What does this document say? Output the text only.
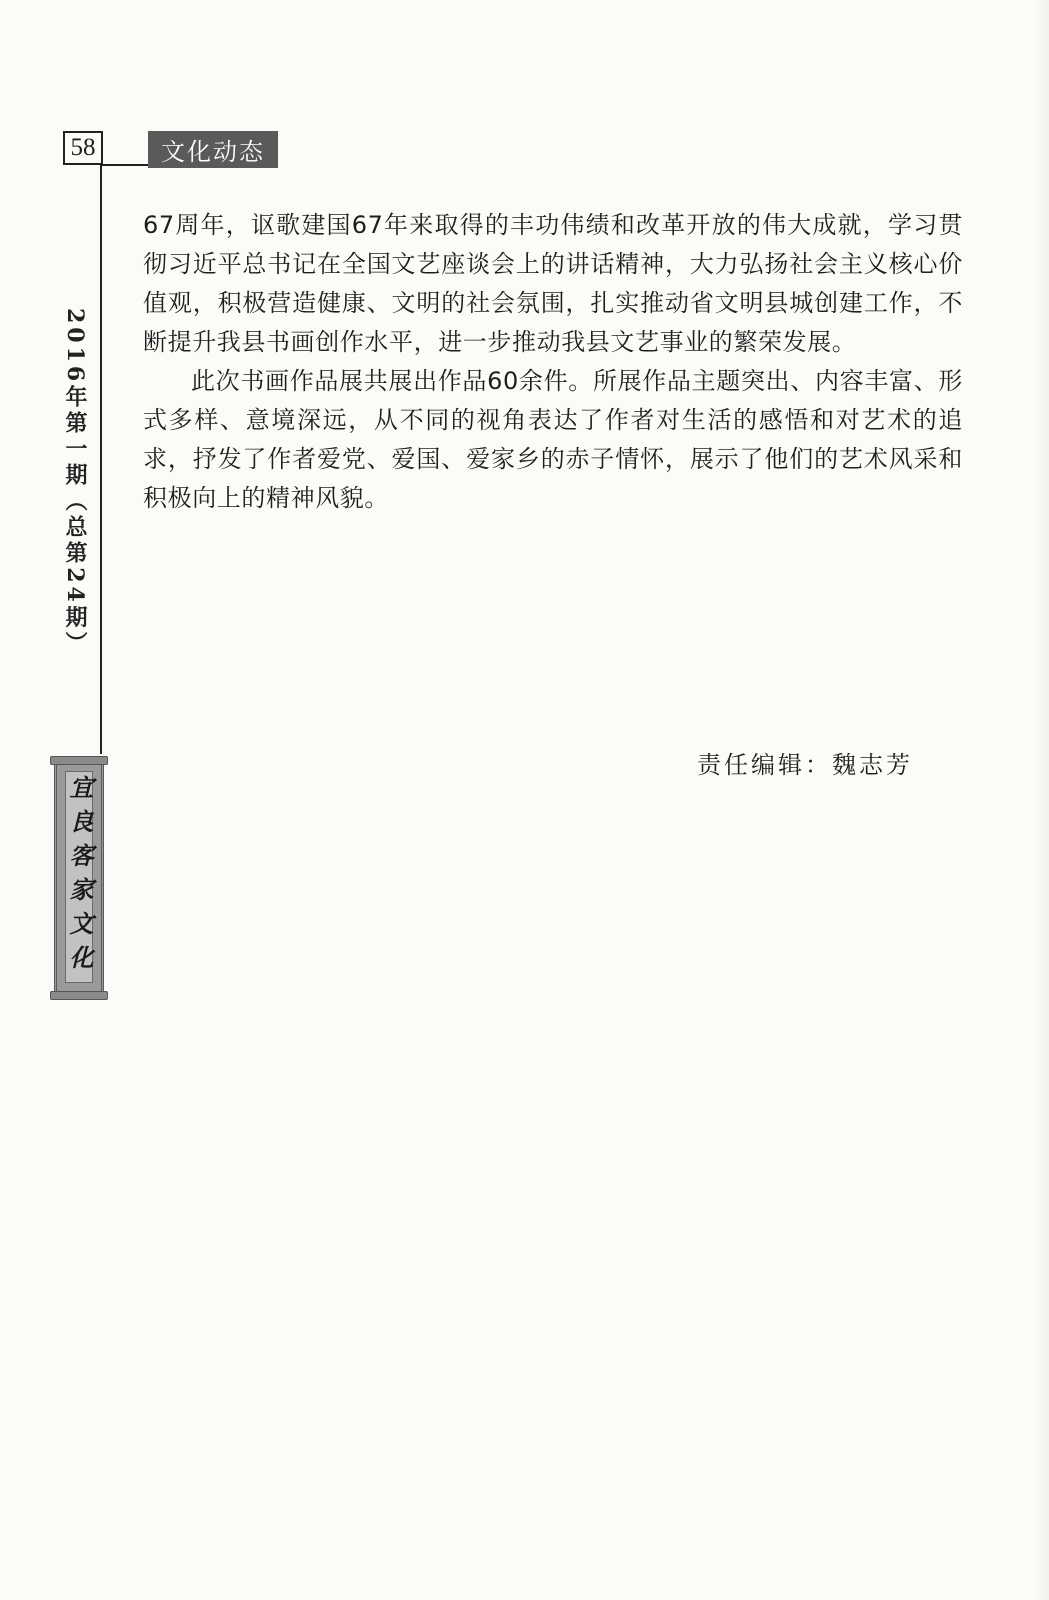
58	文化动态
2016年第一期（总第24期）
宜良客家文化

67周年，讴歌建国67年来取得的丰功伟绩和改革开放的伟大成就，学习贯彻习近平总书记在全国文艺座谈会上的讲话精神，大力弘扬社会主义核心价值观，积极营造健康、文明的社会氛围，扎实推动省文明县城创建工作，不断提升我县书画创作水平，进一步推动我县文艺事业的繁荣发展。

此次书画作品展共展出作品60余件。所展作品主题突出、内容丰富、形式多样、意境深远，从不同的视角表达了作者对生活的感悟和对艺术的追求，抒发了作者爱党、爱国、爱家乡的赤子情怀，展示了他们的艺术风采和积极向上的精神风貌。

责任编辑：魏志芳
